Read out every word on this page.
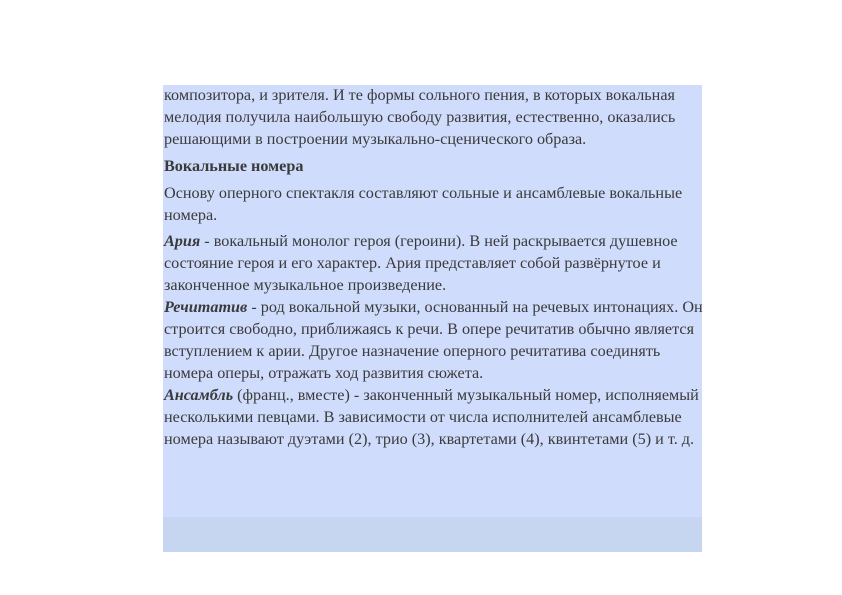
композитора, и зрителя. И те формы сольного пения, в которых вокальная мелодия получила наибольшую свободу развития, естественно, оказались решающими в построении музыкально-сценического образа.

Вокальные номера

Основу оперного спектакля составляют сольные и ансамблевые вокальные номера.

Ария - вокальный монолог героя (героини). В ней раскрывается душевное состояние героя и его характер. Ария представляет собой развёрнутое и законченное музыкальное произведение.

Речитатив - род вокальной музыки, основанный на речевых интонациях. Он строится свободно, приближаясь к речи. В опере речитатив обычно является вступлением к арии. Другое назначение оперного речитатива соединять номера оперы, отражать ход развития сюжета.

Ансамбль (франц., вместе) - законченный музыкальный номер, исполняемый несколькими певцами. В зависимости от числа исполнителей ансамблевые номера называют дуэтами (2), трио (3), квартетами (4), квинтетами (5) и т. д.
